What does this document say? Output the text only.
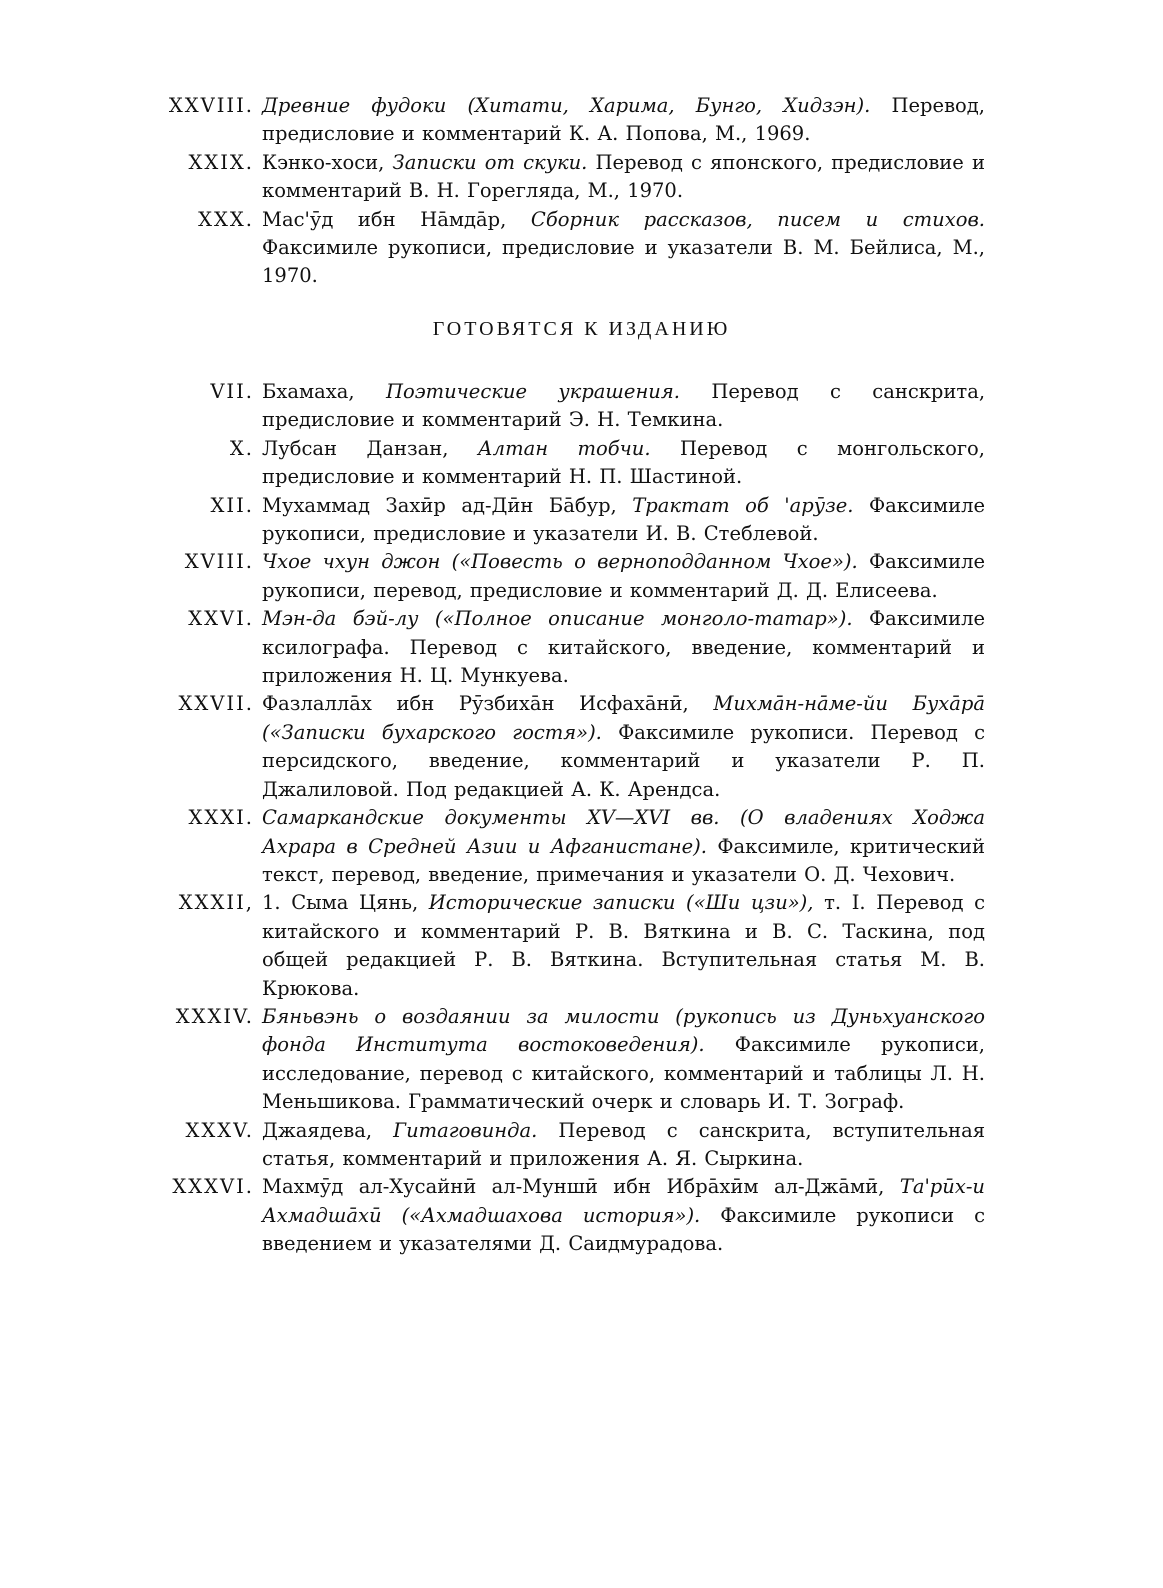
XXVIII. Древние фудоки (Хитати, Харима, Бунго, Хидзэн). Перевод, предисловие и комментарий К. А. Попова, М., 1969.
XXIX. Кэнко-хоси, Записки от скуки. Перевод с японского, предисловие и комментарий В. Н. Горегляда, М., 1970.
XXX. Мас'ӯд ибн Нāмдāр, Сборник рассказов, писем и стихов. Факсимиле рукописи, предисловие и указатели В. М. Бейлиса, М., 1970.
ГОТОВЯТСЯ К ИЗДАНИЮ
VII. Бхамаха, Поэтические украшения. Перевод с санскрита, предисловие и комментарий Э. Н. Темкина.
X. Лубсан Данзан, Алтан тобчи. Перевод с монгольского, предисловие и комментарий Н. П. Шастиной.
XII. Мухаммад Захӣр ад-Дӣн Бāбур, Трактат об 'арӯзе. Факсимиле рукописи, предисловие и указатели И. В. Стеблевой.
XVIII. Чхое чхун джон («Повесть о верноподданном Чхое»). Факсимиле рукописи, перевод, предисловие и комментарий Д. Д. Елисеева.
XXVI. Мэн-да бэй-лу («Полное описание монголо-татар»). Факсимиле ксилографа. Перевод с китайского, введение, комментарий и приложения Н. Ц. Мункуева.
XXVII. Фазлаллāх ибн Рӯзбихāн Исфахāнӣ, Михмāн-нāме-йи Бухāрā («Записки бухарского гостя»). Факсимиле рукописи. Перевод с персидского, введение, комментарий и указатели Р. П. Джалиловой. Под редакцией А. К. Арендса.
XXXI. Самаркандские документы XV—XVI вв. (О владениях Ходжа Ахрара в Средней Азии и Афганистане). Факсимиле, критический текст, перевод, введение, примечания и указатели О. Д. Чехович.
XXXII, 1. Сыма Цянь, Исторические записки («Ши цзи»), т. I. Перевод с китайского и комментарий Р. В. Вяткина и В. С. Таскина, под общей редакцией Р. В. Вяткина. Вступительная статья М. В. Крюкова.
XXXIV. Бяньвэнь о воздаянии за милости (рукопись из Дуньхуанского фонда Института востоковедения). Факсимиле рукописи, исследование, перевод с китайского, комментарий и таблицы Л. Н. Меньшикова. Грамматический очерк и словарь И. Т. Зограф.
XXXV. Джаядева, Гитаговинда. Перевод с санскрита, вступительная статья, комментарий и приложения А. Я. Сыркина.
XXXVI. Махмӯд ал-Хусайнӣ ал-Муншӣ ибн Ибрāхӣм ал-Джāмӣ, Та'рӣх-и Ахмадшāхӣ («Ахмадшахова история»). Факсимиле рукописи с введением и указателями Д. Саидмурадова.
